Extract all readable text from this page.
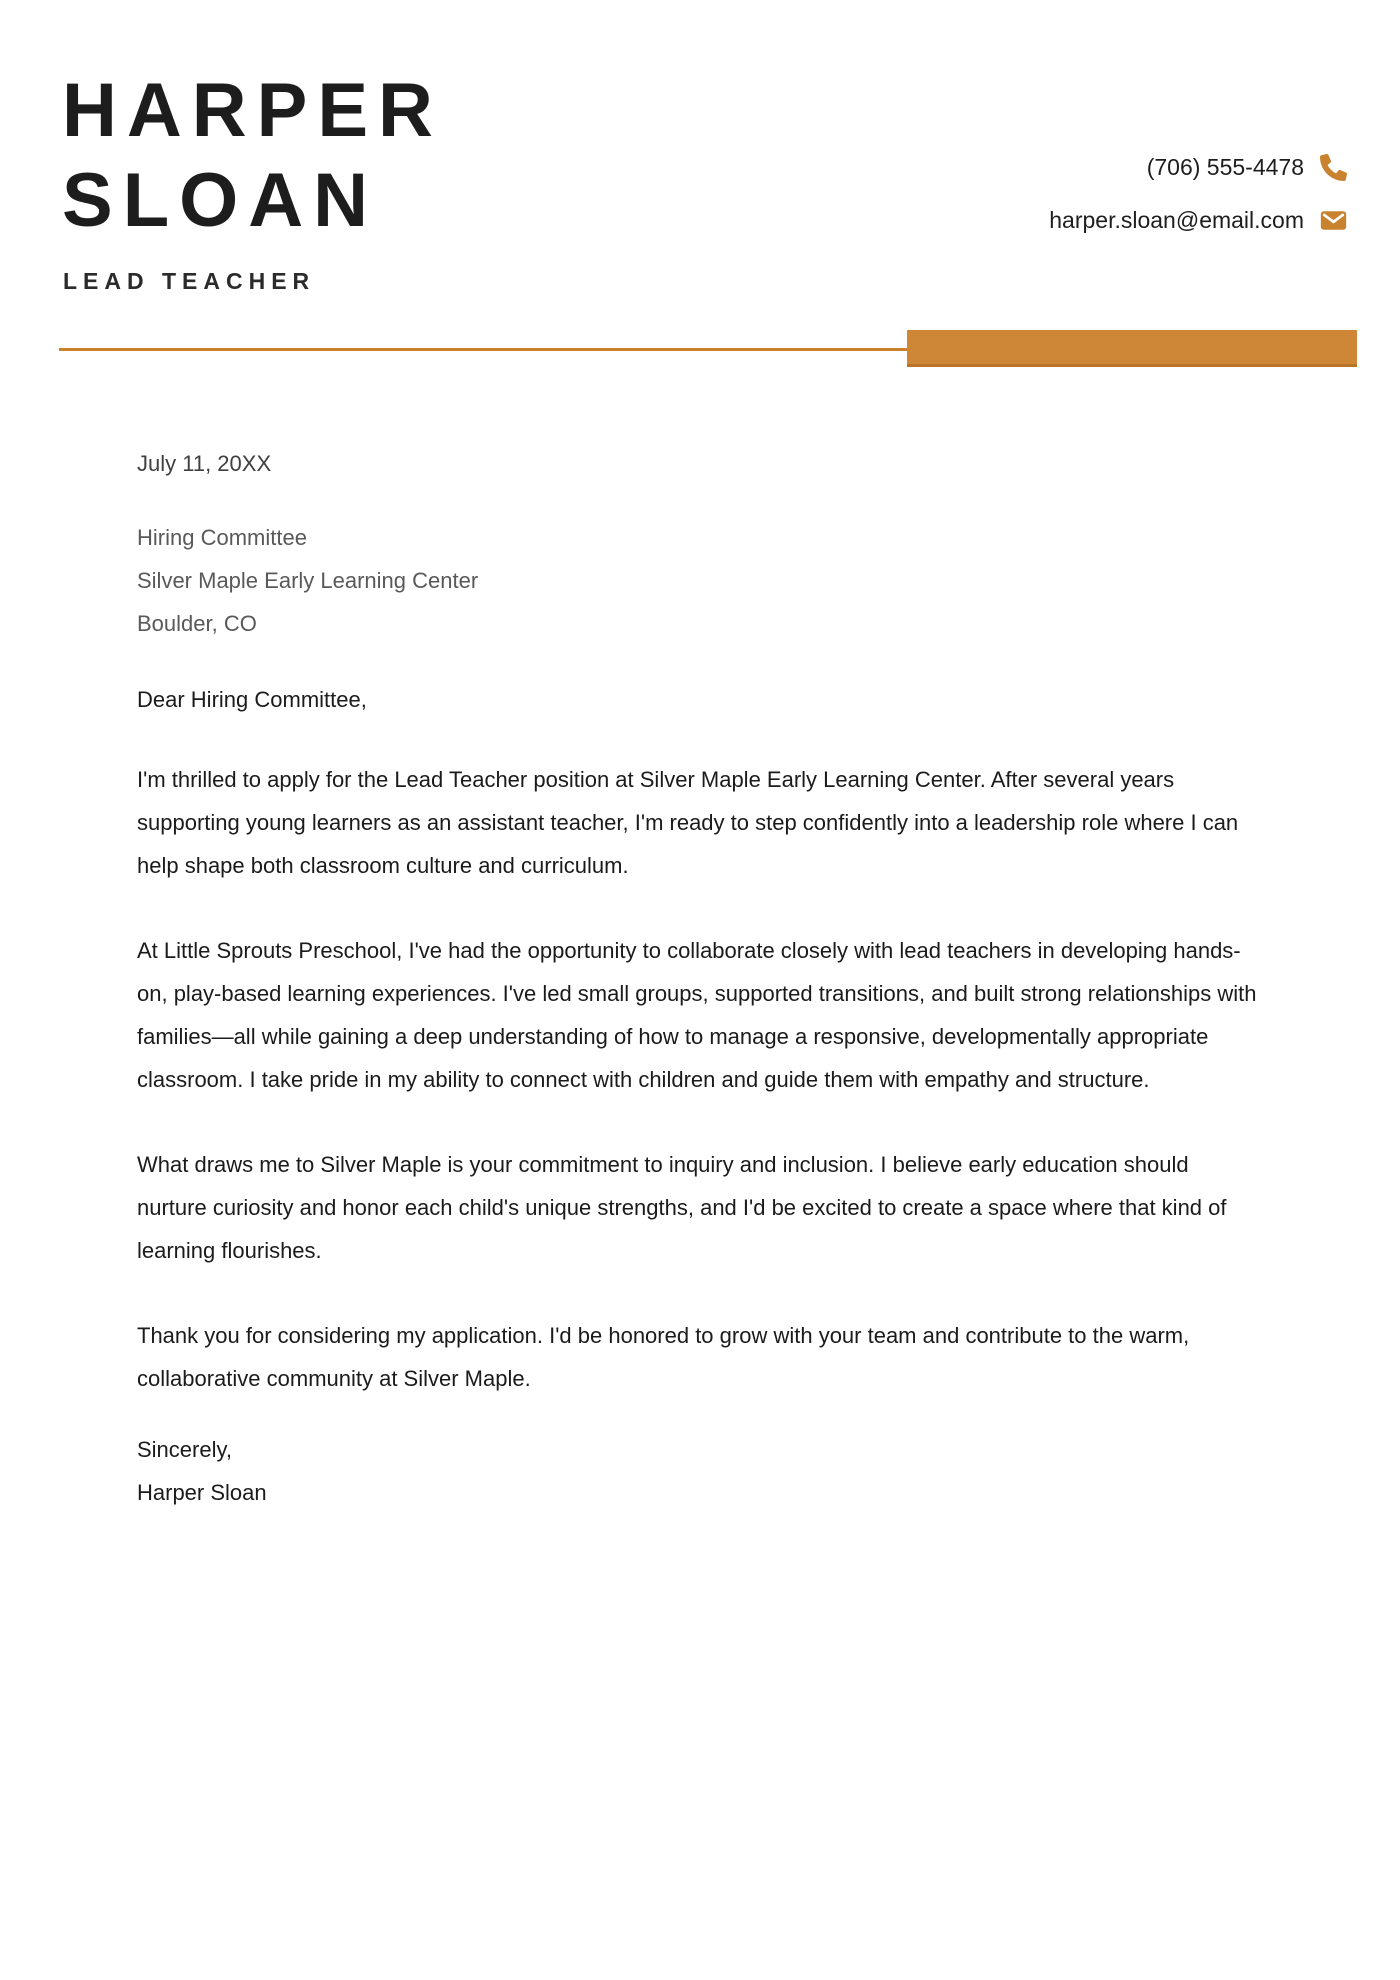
HARPER
SLOAN
LEAD TEACHER
(706) 555-4478
harper.sloan@email.com

July 11, 20XX

Hiring Committee

Silver Maple Early Learning Center

Boulder, CO

Dear Hiring Committee,

I'm thrilled to apply for the Lead Teacher position at Silver Maple Early Learning Center. After several years supporting young learners as an assistant teacher, I'm ready to step confidently into a leadership role where I can help shape both classroom culture and curriculum.

At Little Sprouts Preschool, I've had the opportunity to collaborate closely with lead teachers in developing hands-on, play-based learning experiences. I've led small groups, supported transitions, and built strong relationships with families—all while gaining a deep understanding of how to manage a responsive, developmentally appropriate classroom. I take pride in my ability to connect with children and guide them with empathy and structure.

What draws me to Silver Maple is your commitment to inquiry and inclusion. I believe early education should nurture curiosity and honor each child's unique strengths, and I'd be excited to create a space where that kind of learning flourishes.

Thank you for considering my application. I'd be honored to grow with your team and contribute to the warm, collaborative community at Silver Maple.

Sincerely,

Harper Sloan
